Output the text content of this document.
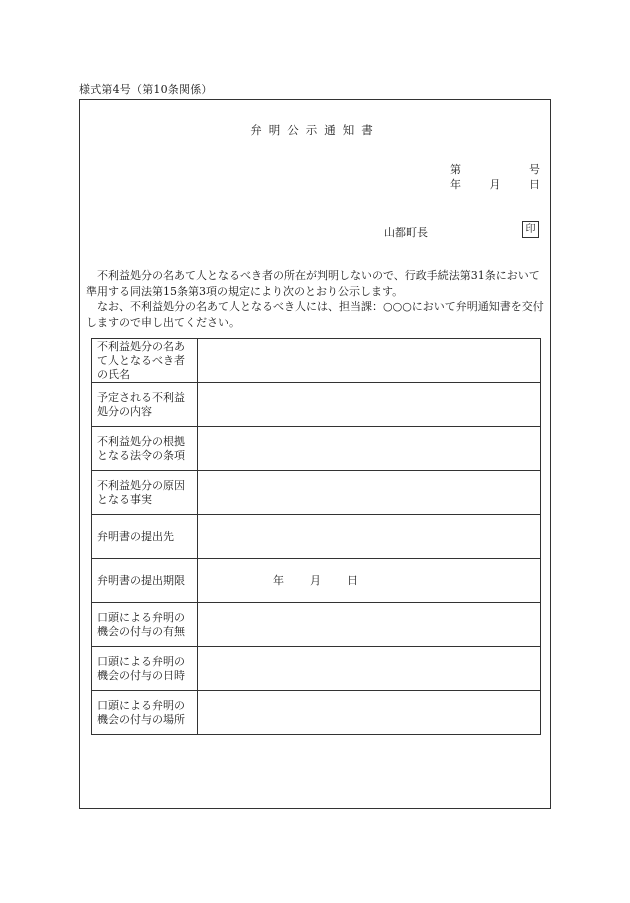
様式第4号（第10条関係）
弁明公示通知書
第	号
年	月	日
山都町長	印
　不利益処分の名あて人となるべき者の所在が判明しないので、行政手続法第31条において準用する同法第15条第3項の規定により次のとおり公示します。
　なお、不利益処分の名あて人となるべき人には、担当課：○○○において弁明通知書を交付しますので申し出てください。
不利益処分の名あて人となるべき者の氏名	
予定される不利益処分の内容	
不利益処分の根拠となる法令の条項	
不利益処分の原因となる事実	
弁明書の提出先	
弁明書の提出期限	年 月 日

口頭による弁明の機会の付与の有無	
口頭による弁明の機会の付与の日時	
口頭による弁明の機会の付与の場所	
